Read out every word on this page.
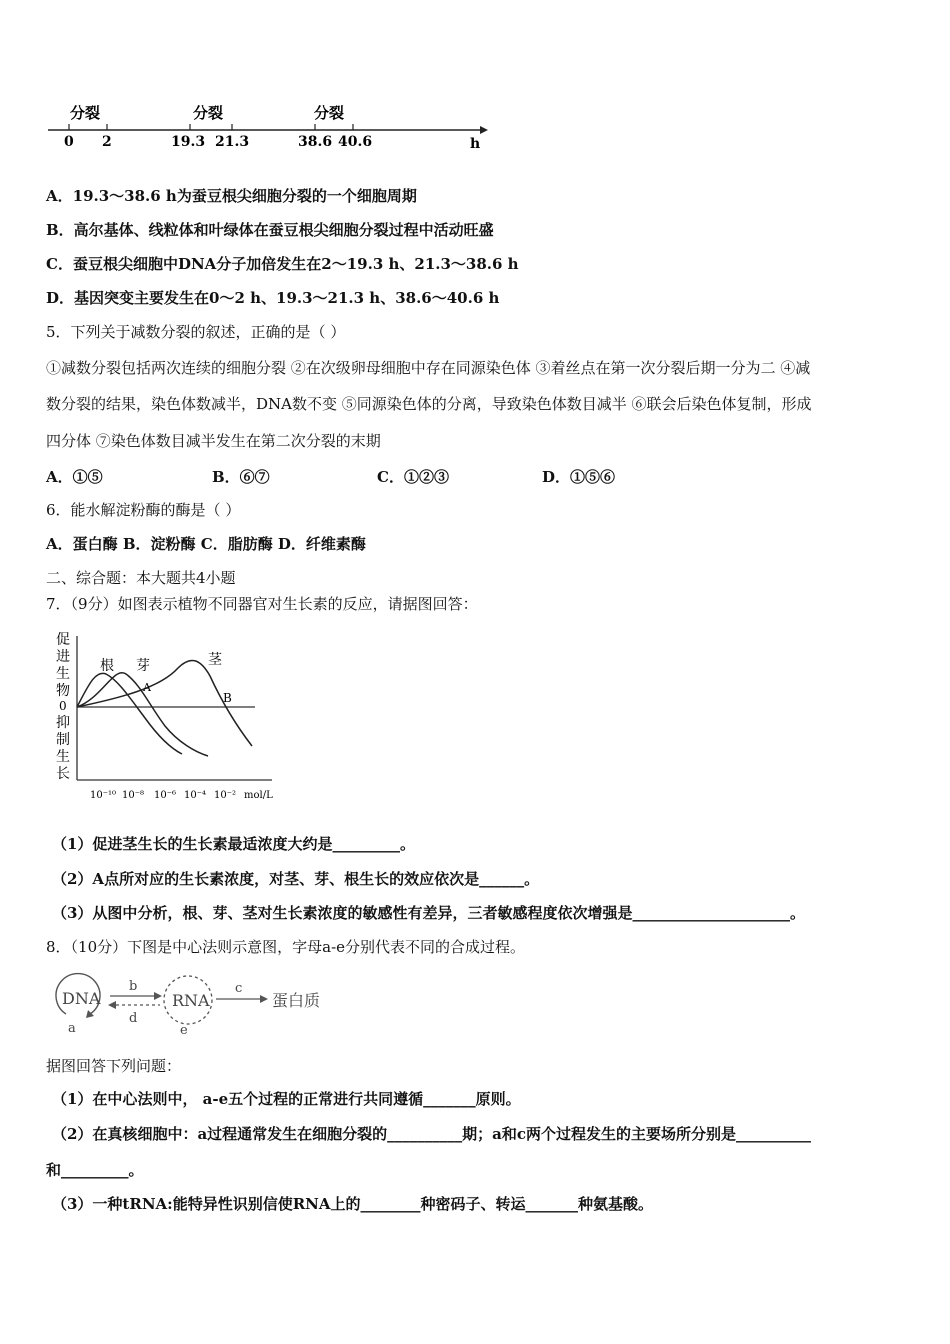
分裂	分裂	分裂
0 2	19.3 21.3	38.6 40.6	h
A．19.3～38.6 h为蚕豆根尖细胞分裂的一个细胞周期
B．高尔基体、线粒体和叶绿体在蚕豆根尖细胞分裂过程中活动旺盛
C．蚕豆根尖细胞中DNA分子加倍发生在2～19.3 h、21.3～38.6 h
D．基因突变主要发生在0～2 h、19.3～21.3 h、38.6～40.6 h
5．下列关于减数分裂的叙述，正确的是（ ）
①减数分裂包括两次连续的细胞分裂 ②在次级卵母细胞中存在同源染色体 ③着丝点在第一次分裂后期一分为二 ④减
数分裂的结果，染色体数减半，DNA数不变 ⑤同源染色体的分离，导致染色体数目减半 ⑥联会后染色体复制，形成
四分体 ⑦染色体数目减半发生在第二次分裂的末期
A．①⑤	B．⑥⑦	C．①②③	D．①⑤⑥
6．能水解淀粉酶的酶是（ ）
A．蛋白酶 B．淀粉酶 C．脂肪酶 D．纤维素酶
二、综合题：本大题共4小题
7．（9分）如图表示植物不同器官对生长素的反应，请据图回答：
促
进
生
物
0
抑
制
生
长
根 芽	茎
A
B
10⁻¹⁰ 10⁻⁸ 10⁻⁶ 10⁻⁴ 10⁻² mol/L
（1）促进茎生长的生长素最适浓度大约是_________。
（2）A点所对应的生长素浓度，对茎、芽、根生长的效应依次是______。
（3）从图中分析，根、芽、茎对生长素浓度的敏感性有差异，三者敏感程度依次增强是_____________________。
8．（10分）下图是中心法则示意图，字母a-e分别代表不同的合成过程。
DNA
a
b
d
RNA
e
c
蛋白质
据图回答下列问题：
（1）在中心法则中， a-e五个过程的正常进行共同遵循_______原则。
（2）在真核细胞中：a过程通常发生在细胞分裂的__________期；a和c两个过程发生的主要场所分别是__________
和_________。
（3）一种tRNA:能特异性识别信使RNA上的________种密码子、转运_______种氨基酸。
